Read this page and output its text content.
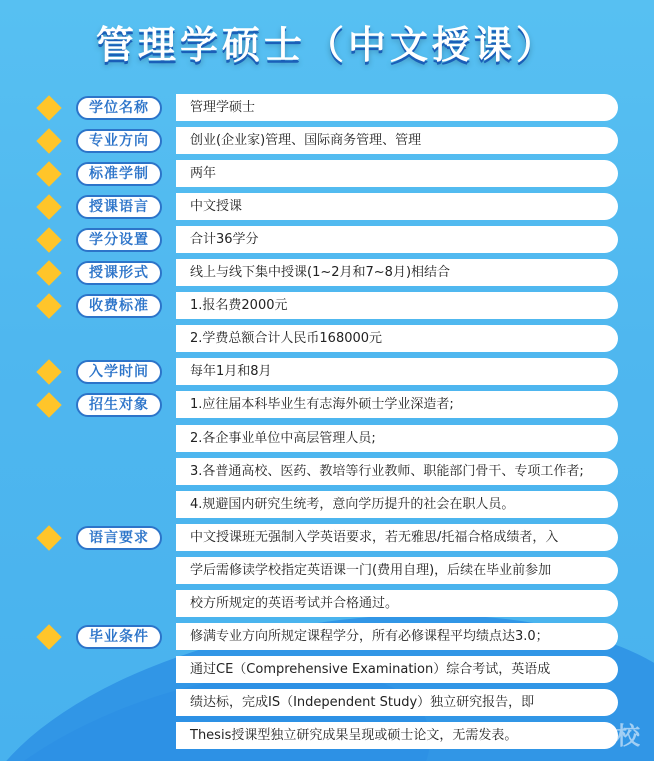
管理学硕士（中文授课）
学位名称	管理学硕士
专业方向	创业(企业家)管理、国际商务管理、管理
标准学制	两年
授课语言	中文授课
学分设置	合计36学分
授课形式	线上与线下集中授课(1~2月和7~8月)相结合
收费标准	1.报名费2000元
2.学费总额合计人民币168000元
入学时间	每年1月和8月
招生对象	1.应往届本科毕业生有志海外硕士学业深造者;
2.各企事业单位中高层管理人员;
3.各普通高校、医药、教培等行业教师、职能部门骨干、专项工作者;
4.规避国内研究生统考，意向学历提升的社会在职人员。
语言要求	中文授课班无强制入学英语要求，若无雅思/托福合格成绩者，入
学后需修读学校指定英语课一门(费用自理)，后续在毕业前参加
校方所规定的英语考试并合格通过。
毕业条件	修满专业方向所规定课程学分，所有必修课程平均绩点达3.0；
通过CE（Comprehensive Examination）综合考试，英语成
绩达标，完成IS（Independent Study）独立研究报告，即
Thesis授课型独立研究成果呈现或硕士论文，无需发表。	好学校
